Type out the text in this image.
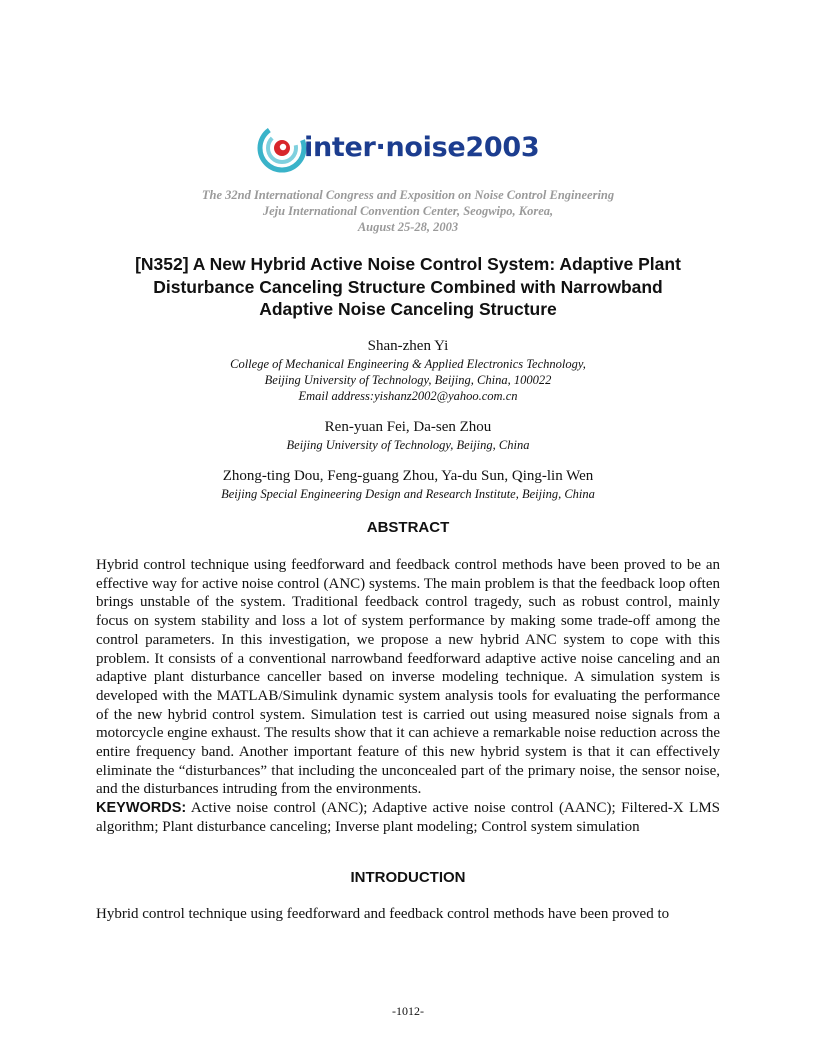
inter·noise2003
The 32nd International Congress and Exposition on Noise Control Engineering
Jeju International Convention Center, Seogwipo, Korea,
August 25-28, 2003
[N352] A New Hybrid Active Noise Control System: Adaptive Plant
Disturbance Canceling Structure Combined with Narrowband
Adaptive Noise Canceling Structure
Shan-zhen Yi
College of Mechanical Engineering & Applied Electronics Technology,
Beijing University of Technology, Beijing, China, 100022
Email address:yishanz2002@yahoo.com.cn
Ren-yuan Fei, Da-sen Zhou
Beijing University of Technology, Beijing, China
Zhong-ting Dou, Feng-guang Zhou, Ya-du Sun, Qing-lin Wen
Beijing Special Engineering Design and Research Institute, Beijing, China
ABSTRACT
Hybrid control technique using feedforward and feedback control methods have been proved to be an effective way for active noise control (ANC) systems. The main problem is that the feedback loop often brings unstable of the system. Traditional feedback control tragedy, such as robust control, mainly focus on system stability and loss a lot of system performance by making some trade-off among the control parameters. In this investigation, we propose a new hybrid ANC system to cope with this problem. It consists of a conventional narrowband feedforward adaptive active noise canceling and an adaptive plant disturbance canceller based on inverse modeling technique. A simulation system is developed with the MATLAB/Simulink dynamic system analysis tools for evaluating the performance of the new hybrid control system. Simulation test is carried out using measured noise signals from a motorcycle engine exhaust. The results show that it can achieve a remarkable noise reduction across the entire frequency band. Another important feature of this new hybrid system is that it can effectively eliminate the “disturbances” that including the unconcealed part of the primary noise, the sensor noise, and the disturbances intruding from the environments.
KEYWORDS: Active noise control (ANC); Adaptive active noise control (AANC); Filtered-X LMS algorithm; Plant disturbance canceling; Inverse plant modeling; Control system simulation
INTRODUCTION
Hybrid control technique using feedforward and feedback control methods have been proved to
-1012-
